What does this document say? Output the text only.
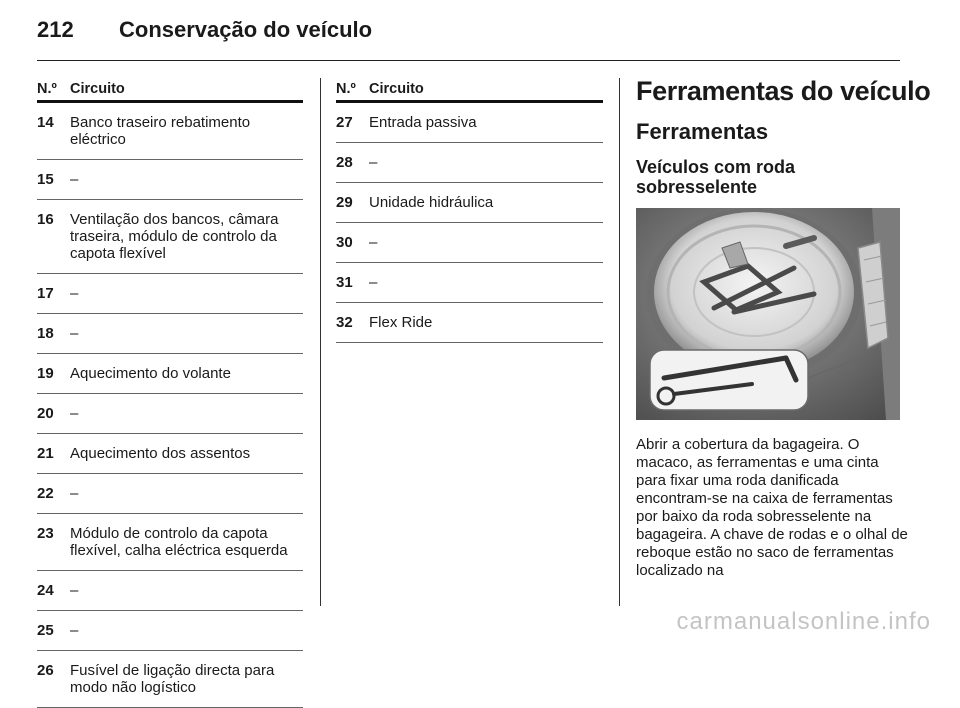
212	Conservação do veículo
N.º Circuito
14	Banco traseiro rebatimento eléctrico
15	–
16	Ventilação dos bancos, câmara traseira, módulo de controlo da capota flexível
17	–
18	–
19	Aquecimento do volante
20	–
21	Aquecimento dos assentos
22	–
23	Módulo de controlo da capota flexível, calha eléctrica esquerda
24	–
25	–
26	Fusível de ligação directa para modo não logístico
N.º Circuito
27	Entrada passiva
28	–
29	Unidade hidráulica
30	–
31	–
32	Flex Ride
Ferramentas do veículo
Ferramentas
Veículos com roda sobresselente
Abrir a cobertura da bagageira. O macaco, as ferramentas e uma cinta para fixar uma roda danificada encontram-se na caixa de ferramentas por baixo da roda sobresselente na bagageira. A chave de rodas e o olhal de reboque estão no saco de ferramentas localizado na
carmanualsonline.info
